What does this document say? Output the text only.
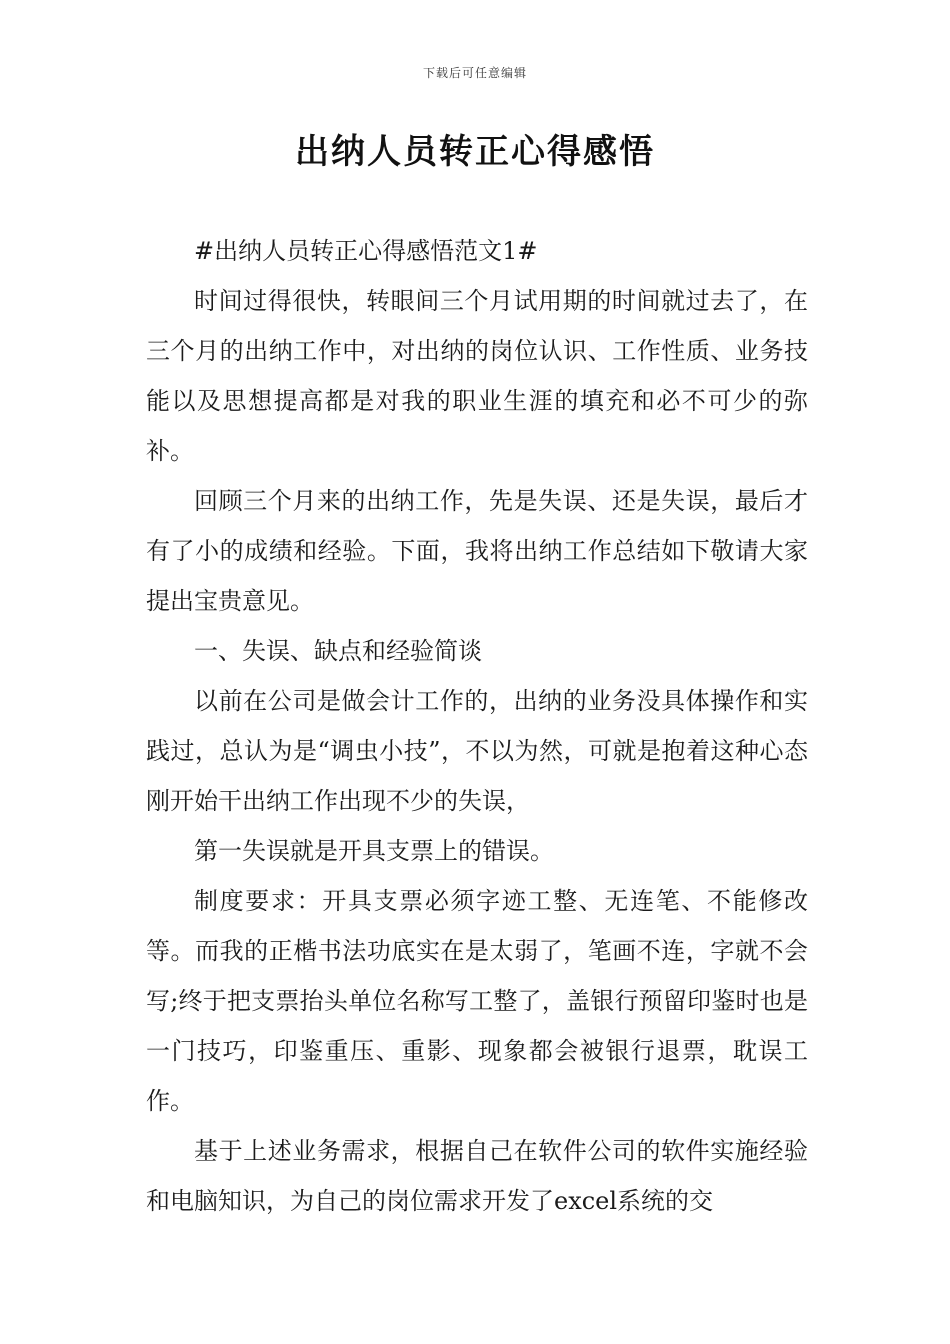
下载后可任意编辑
出纳人员转正心得感悟

#出纳人员转正心得感悟范文1#

时间过得很快，转眼间三个月试用期的时间就过去了，在三个月的出纳工作中，对出纳的岗位认识、工作性质、业务技能以及思想提高都是对我的职业生涯的填充和必不可少的弥补。

回顾三个月来的出纳工作，先是失误、还是失误，最后才有了小的成绩和经验。下面，我将出纳工作总结如下敬请大家提出宝贵意见。

一、失误、缺点和经验简谈

以前在公司是做会计工作的，出纳的业务没具体操作和实践过，总认为是“调虫小技”，不以为然，可就是抱着这种心态刚开始干出纳工作出现不少的失误，

第一失误就是开具支票上的错误。

制度要求：开具支票必须字迹工整、无连笔、不能修改等。而我的正楷书法功底实在是太弱了，笔画不连，字就不会写;终于把支票抬头单位名称写工整了，盖银行预留印鉴时也是一门技巧，印鉴重压、重影、现象都会被银行退票，耽误工作。

基于上述业务需求，根据自己在软件公司的软件实施经验和电脑知识，为自己的岗位需求开发了excel系统的交
